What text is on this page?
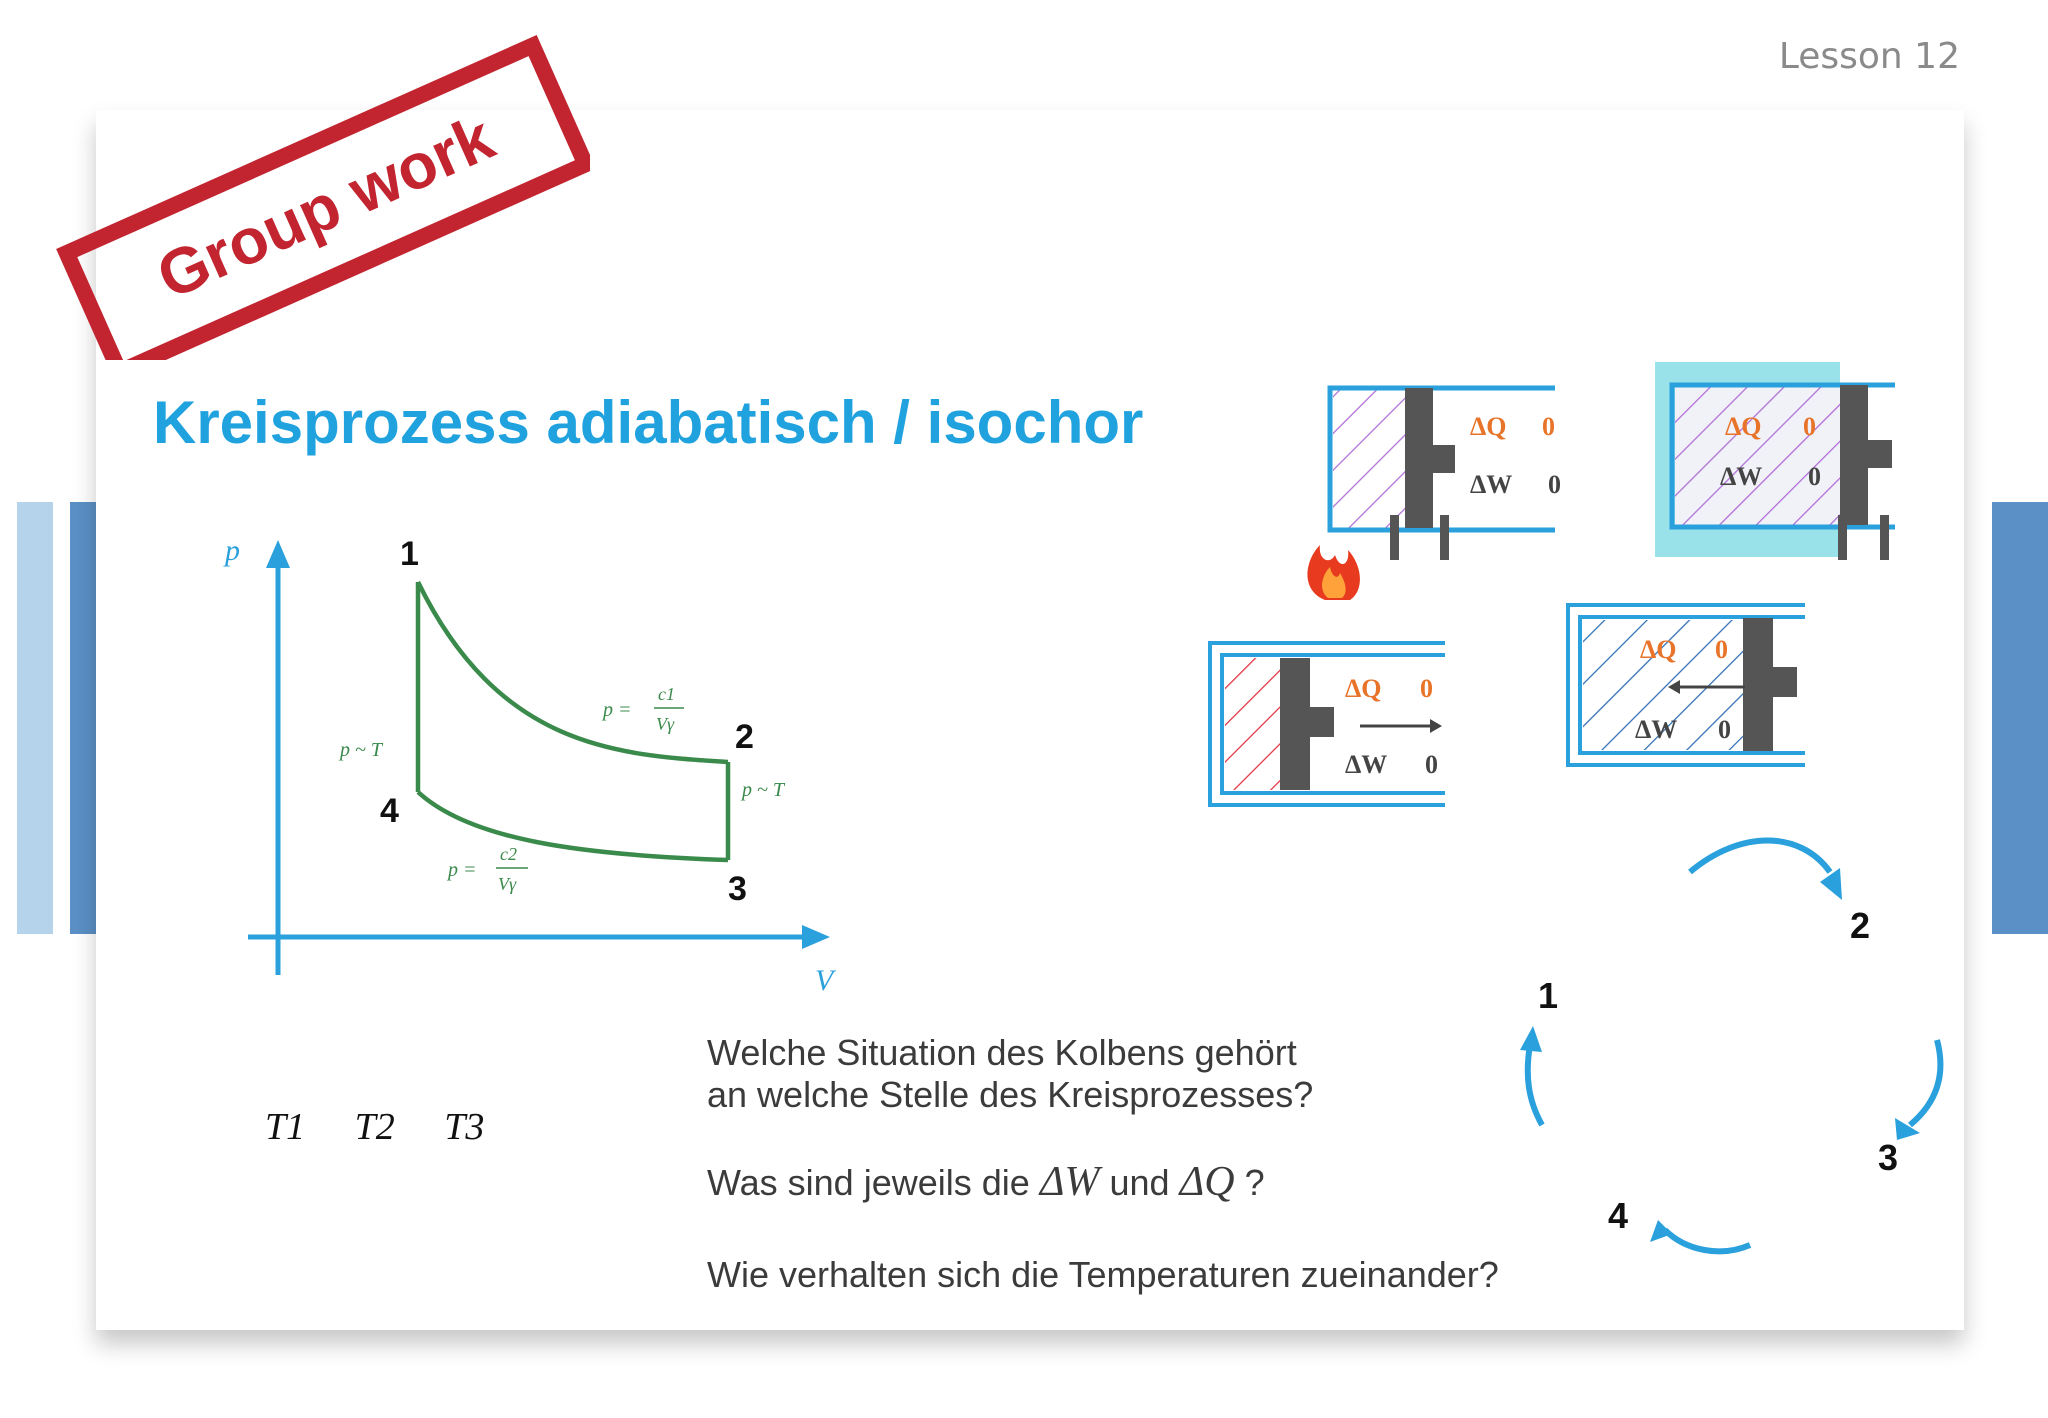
Lesson 12
Group work
Kreisprozess adiabatisch / isochor
p
V
1
2
3
4
p ~ T
p ~ T
p =
c1
Vγ
p =
c2
Vγ
T1 T2 T3
ΔQ 0
ΔW 0
ΔQ 0
ΔW 0
ΔQ 0
ΔW 0
ΔQ 0
ΔW 0
1
2
3
4
Welche Situation des Kolbens gehört
an welche Stelle des Kreisprozesses?
Was sind jeweils die ΔW und ΔQ ?
Wie verhalten sich die Temperaturen zueinander?
